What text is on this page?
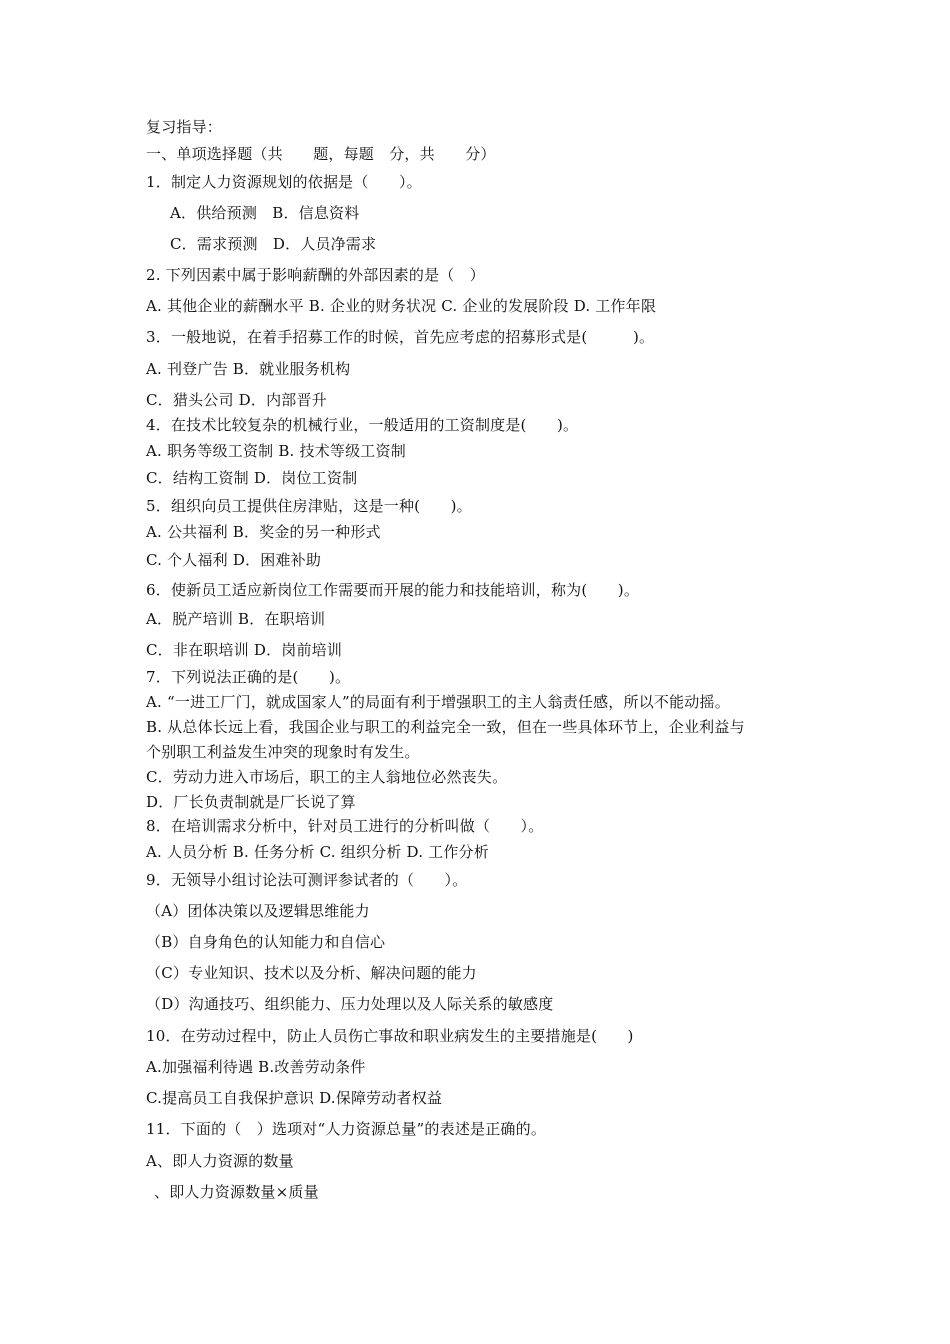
复习指导：
一、单项选择题（共　　题，每题　分，共　　分）
1．制定人力资源规划的依据是（　　）。
A．供给预测　B．信息资料
C．需求预测　D．人员净需求
2. 下列因素中属于影响薪酬的外部因素的是（　）
A. 其他企业的薪酬水平 B. 企业的财务状况 C. 企业的发展阶段 D. 工作年限
3．一般地说，在着手招募工作的时候，首先应考虑的招募形式是(　　　)。
A. 刊登广告 B．就业服务机构
C．猎头公司 D．内部晋升
4．在技术比较复杂的机械行业，一般适用的工资制度是(　　)。
A. 职务等级工资制 B. 技术等级工资制
C．结构工资制 D．岗位工资制
5．组织向员工提供住房津贴，这是一种(　　)。
A. 公共福利 B．奖金的另一种形式
C. 个人福利 D．困难补助
6．使新员工适应新岗位工作需要而开展的能力和技能培训，称为(　　)。
A．脱产培训 B．在职培训
C．非在职培训 D．岗前培训
7．下列说法正确的是(　　)。
A. “一进工厂门，就成国家人”的局面有利于增强职工的主人翁责任感，所以不能动摇。
B. 从总体长远上看，我国企业与职工的利益完全一致，但在一些具体环节上，企业利益与
个别职工利益发生冲突的现象时有发生。
C．劳动力进入市场后，职工的主人翁地位必然丧失。
D．厂长负责制就是厂长说了算
8．在培训需求分析中，针对员工进行的分析叫做（　　）。
A. 人员分析 B. 任务分析 C. 组织分析 D. 工作分析
9．无领导小组讨论法可测评参试者的（　　）。
（A）团体决策以及逻辑思维能力
（B）自身角色的认知能力和自信心
（C）专业知识、技术以及分析、解决问题的能力
（D）沟通技巧、组织能力、压力处理以及人际关系的敏感度
10．在劳动过程中，防止人员伤亡事故和职业病发生的主要措施是(　　)
A.加强福利待遇 B.改善劳动条件
C.提高员工自我保护意识 D.保障劳动者权益
11．下面的（　）选项对“人力资源总量”的表述是正确的。
A、即人力资源的数量
、即人力资源数量×质量
